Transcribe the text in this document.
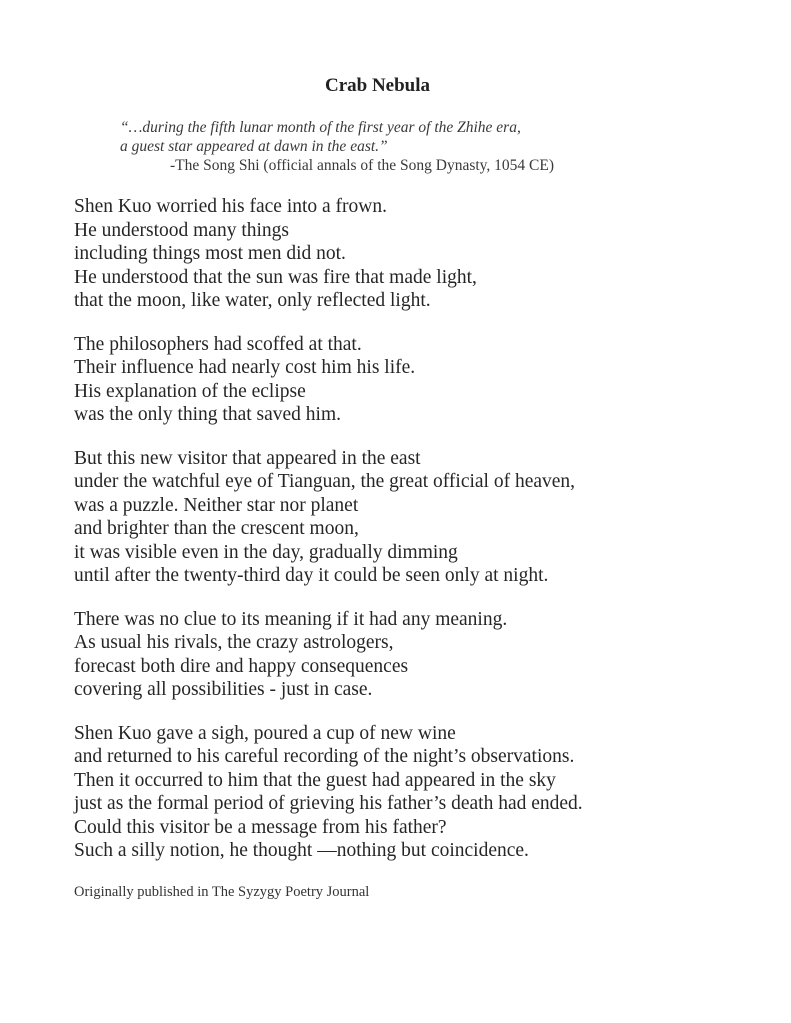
Crab Nebula
“…during the fifth lunar month of the first year of the Zhihe era,
a guest star appeared at dawn in the east.”
-The Song Shi (official annals of the Song Dynasty, 1054 CE)
Shen Kuo worried his face into a frown.
He understood many things
including things most men did not.
He understood that the sun was fire that made light,
that the moon, like water, only reflected light.
The philosophers had scoffed at that.
Their influence had nearly cost him his life.
His explanation of the eclipse
was the only thing that saved him.
But this new visitor that appeared in the east
under the watchful eye of Tianguan, the great official of heaven,
was a puzzle. Neither star nor planet
and brighter than the crescent moon,
it was visible even in the day, gradually dimming
until after the twenty-third day it could be seen only at night.
There was no clue to its meaning if it had any meaning.
As usual his rivals, the crazy astrologers,
forecast both dire and happy consequences
covering all possibilities - just in case.
Shen Kuo gave a sigh, poured a cup of new wine
and returned to his careful recording of the night’s observations.
Then it occurred to him that the guest had appeared in the sky
just as the formal period of grieving his father’s death had ended.
Could this visitor be a message from his father?
Such a silly notion, he thought —nothing but coincidence.
Originally published in The Syzygy Poetry Journal
